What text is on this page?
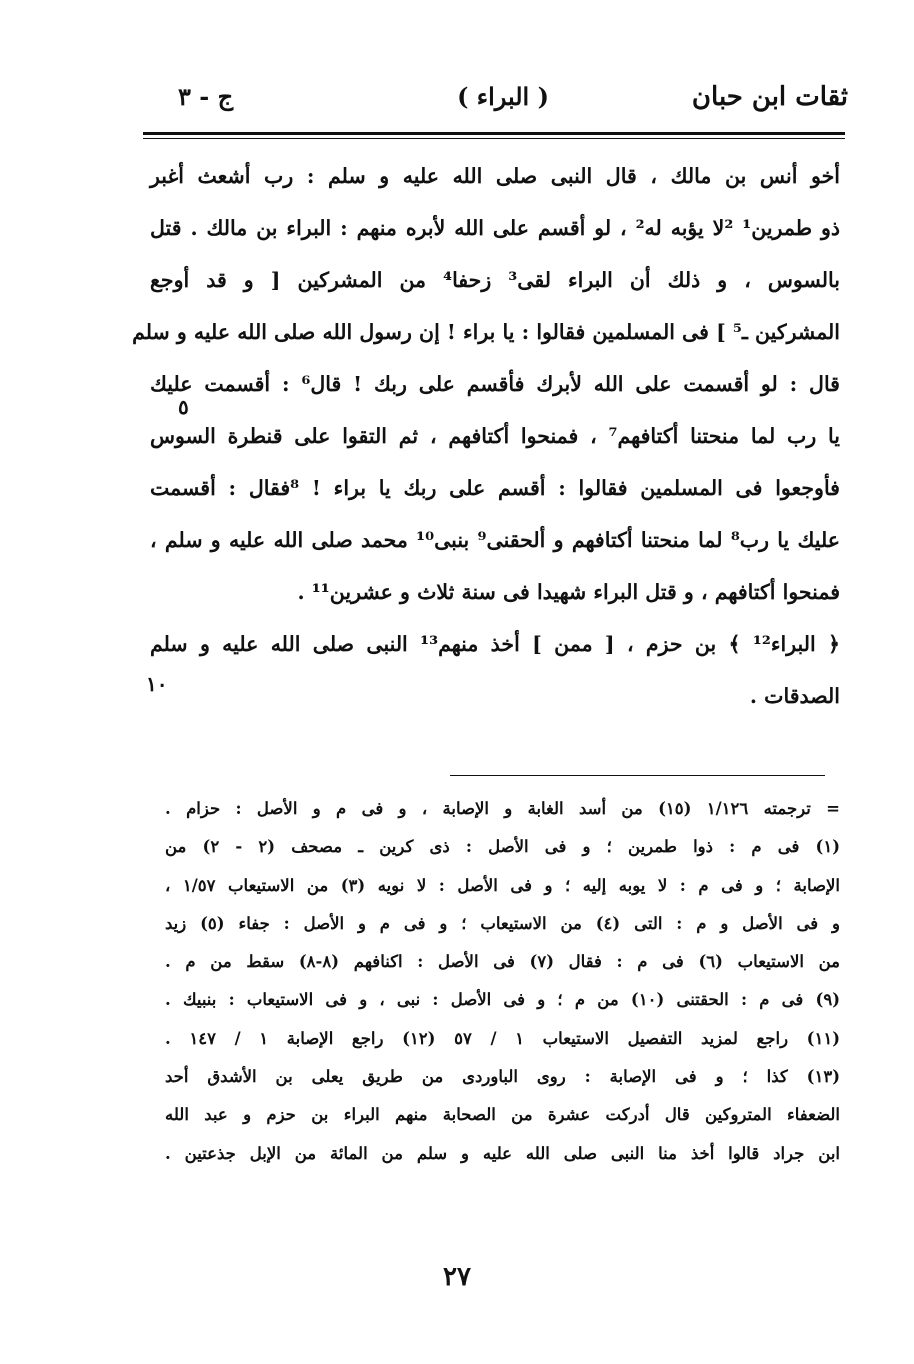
ثقات ابن حبان
( البراء )
ج - ٣
أخو أنس بن مالك ، قال النبى صلى الله عليه و سلم : رب أشعث أغبر
ذو طمرين¹ ²لا يؤبه له² ، لو أقسم على الله لأبره منهم : البراء بن مالك . قتل
بالسوس ، و ذلك أن البراء لقى³ زحفا⁴ من المشركين [ و قد أوجع
المشركين ـ⁵ ] فى المسلمين فقالوا : يا براء ! إن رسول الله صلى الله عليه و سلم
قال : لو أقسمت على الله لأبرك فأقسم على ربك ! قال⁶ : أقسمت عليك
يا رب لما منحتنا أكتافهم⁷ ، فمنحوا أكتافهم ، ثم التقوا على قنطرة السوس
فأوجعوا فى المسلمين فقالوا : أقسم على ربك يا براء ! ⁸فقال : أقسمت
عليك يا رب⁸ لما منحتنا أكتافهم و ألحقنى⁹ بنبى¹⁰ محمد صلى الله عليه و سلم ،
فمنحوا أكتافهم ، و قتل البراء شهيدا فى سنة ثلاث و عشرين¹¹ .
﴿ البراء¹² ﴾ بن حزم ، [ ممن ] أخذ منهم¹³ النبى صلى الله عليه و سلم
الصدقات .
٥
١٠
= ترجمته ١/١٢٦ (١٥) من أسد الغابة و الإصابة ، و فى م و الأصل : حزام .
(١) فى م : ذوا طمرين ؛ و فى الأصل : ذى كرين ـ مصحف (٢ - ٢) من
الإصابة ؛ و فى م : لا يوبه إليه ؛ و فى الأصل : لا نويه (٣) من الاستيعاب ١/٥٧ ،
و فى الأصل و م : التى (٤) من الاستيعاب ؛ و فى م و الأصل : جفاء (٥) زيد
من الاستيعاب (٦) فى م : فقال (٧) فى الأصل : اكنافهم (٨-٨) سقط من م .
(٩) فى م : الحقتنى (١٠) من م ؛ و فى الأصل : نبى ، و فى الاستيعاب : بنبيك .
(١١) راجع لمزيد التفصيل الاستيعاب ١ / ٥٧ (١٢) راجع الإصابة ١ / ١٤٧ .
(١٣) كذا ؛ و فى الإصابة : روى الباوردى من طريق يعلى بن الأشدق أحد
الضعفاء المتروكين قال أدركت عشرة من الصحابة منهم البراء بن حزم و عبد الله
ابن جراد قالوا أخذ منا النبى صلى الله عليه و سلم من المائة من الإبل جذعتين .
٢٧
